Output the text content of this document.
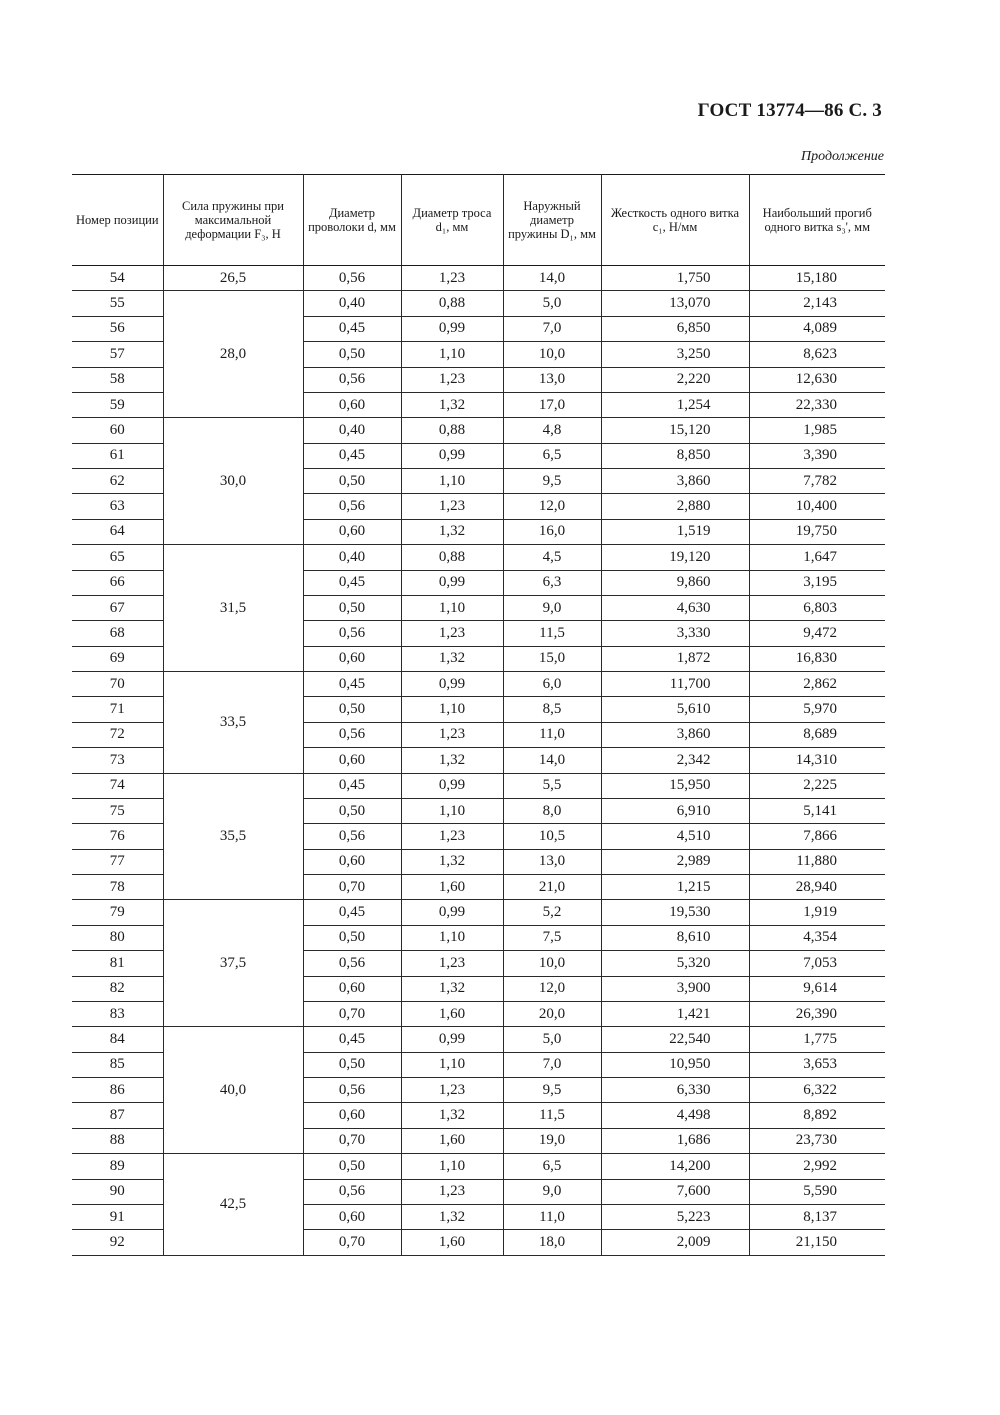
ГОСТ 13774—86 С. 3
Продолжение
Номер позиции	Сила пружины при максимальной деформации F₃, Н	Диаметр проволоки d, мм	Диаметр троса d₁, мм	Наружный диаметр пружины D₁, мм	Жесткость одного витка c₁, Н/мм	Наибольший прогиб одного витка s₃', мм

54	26,5	0,56	1,23	14,0	1,750	15,180
55	28,0	0,40	0,88	5,0	13,070	2,143
56		0,45	0,99	7,0	6,850	4,089
57		0,50	1,10	10,0	3,250	8,623
58		0,56	1,23	13,0	2,220	12,630
59		0,60	1,32	17,0	1,254	22,330
60	30,0	0,40	0,88	4,8	15,120	1,985
61		0,45	0,99	6,5	8,850	3,390
62		0,50	1,10	9,5	3,860	7,782
63		0,56	1,23	12,0	2,880	10,400
64		0,60	1,32	16,0	1,519	19,750
65	31,5	0,40	0,88	4,5	19,120	1,647
66		0,45	0,99	6,3	9,860	3,195
67		0,50	1,10	9,0	4,630	6,803
68		0,56	1,23	11,5	3,330	9,472
69		0,60	1,32	15,0	1,872	16,830
70	33,5	0,45	0,99	6,0	11,700	2,862
71		0,50	1,10	8,5	5,610	5,970
72		0,56	1,23	11,0	3,860	8,689
73		0,60	1,32	14,0	2,342	14,310
74	35,5	0,45	0,99	5,5	15,950	2,225
75		0,50	1,10	8,0	6,910	5,141
76		0,56	1,23	10,5	4,510	7,866
77		0,60	1,32	13,0	2,989	11,880
78		0,70	1,60	21,0	1,215	28,940
79	37,5	0,45	0,99	5,2	19,530	1,919
80		0,50	1,10	7,5	8,610	4,354
81		0,56	1,23	10,0	5,320	7,053
82		0,60	1,32	12,0	3,900	9,614
83		0,70	1,60	20,0	1,421	26,390
84	40,0	0,45	0,99	5,0	22,540	1,775
85		0,50	1,10	7,0	10,950	3,653
86		0,56	1,23	9,5	6,330	6,322
87		0,60	1,32	11,5	4,498	8,892
88		0,70	1,60	19,0	1,686	23,730
89	42,5	0,50	1,10	6,5	14,200	2,992
90		0,56	1,23	9,0	7,600	5,590
91		0,60	1,32	11,0	5,223	8,137
92		0,70	1,60	18,0	2,009	21,150
